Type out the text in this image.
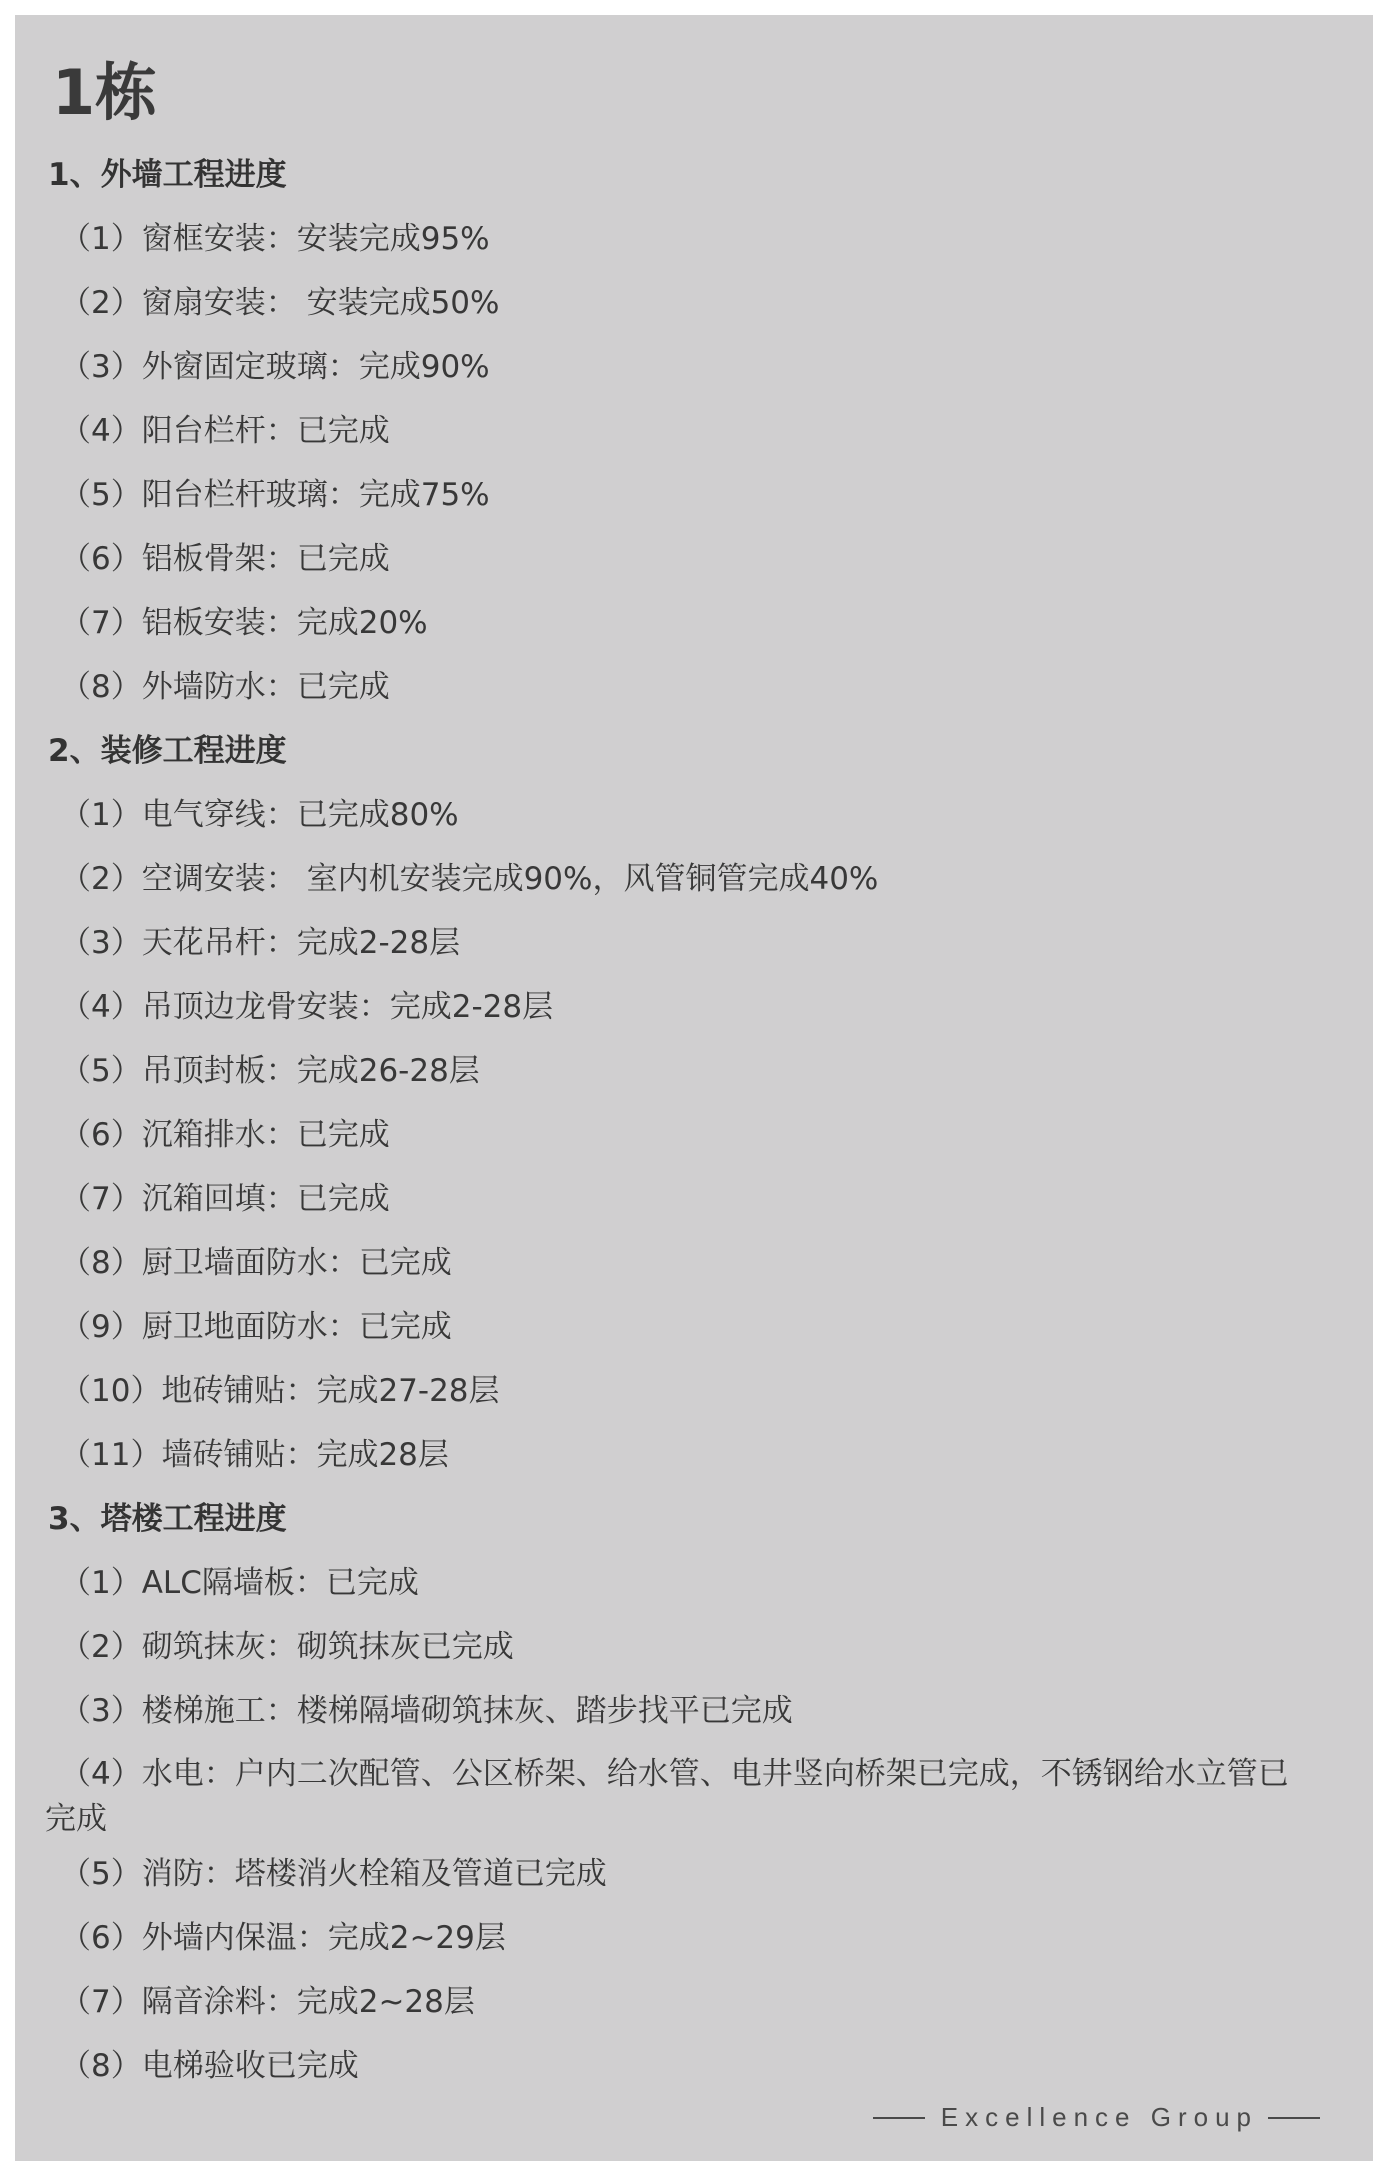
1栋
1、外墙工程进度
（1）窗框安装：安装完成95%
（2）窗扇安装： 安装完成50%
（3）外窗固定玻璃：完成90%
（4）阳台栏杆：已完成
（5）阳台栏杆玻璃：完成75%
（6）铝板骨架：已完成
（7）铝板安装：完成20%
（8）外墙防水：已完成
2、装修工程进度
（1）电气穿线：已完成80%
（2）空调安装： 室内机安装完成90%，风管铜管完成40%
（3）天花吊杆：完成2-28层
（4）吊顶边龙骨安装：完成2-28层
（5）吊顶封板：完成26-28层
（6）沉箱排水：已完成
（7）沉箱回填：已完成
（8）厨卫墙面防水：已完成
（9）厨卫地面防水：已完成
（10）地砖铺贴：完成27-28层
（11）墙砖铺贴：完成28层
3、塔楼工程进度
（1）ALC隔墙板：已完成
（2）砌筑抹灰：砌筑抹灰已完成
（3）楼梯施工：楼梯隔墙砌筑抹灰、踏步找平已完成
（4）水电：户内二次配管、公区桥架、给水管、电井竖向桥架已完成，不锈钢给水立管已
完成
（5）消防：塔楼消火栓箱及管道已完成
（6）外墙内保温：完成2~29层
（7）隔音涂料：完成2~28层
（8）电梯验收已完成
Excellence Group
